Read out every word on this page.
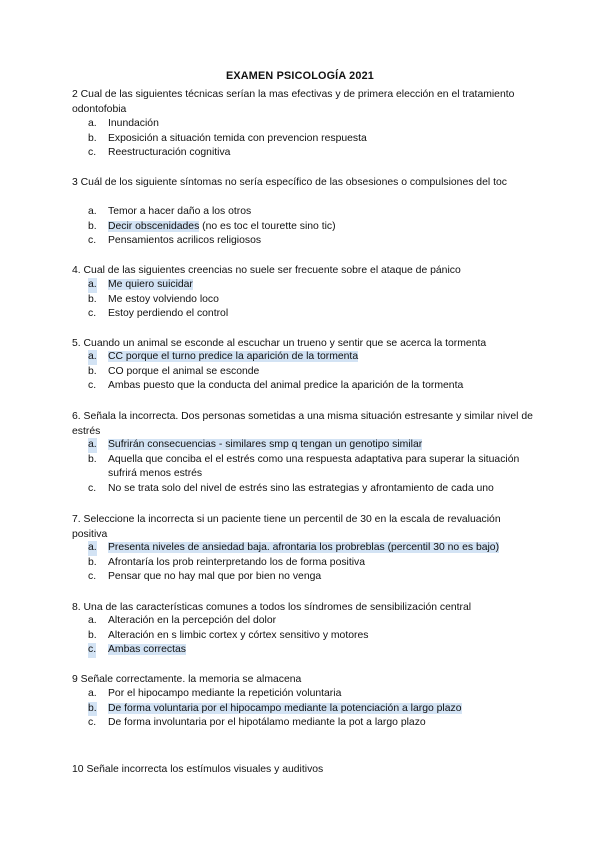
EXAMEN PSICOLOGÍA 2021
2 Cual de las siguientes técnicas serían la mas efectivas y de primera elección en el tratamiento odontofobia
a. Inundación
b. Exposición a situación temida con prevencion respuesta
c. Reestructuración cognitiva
3 Cuál de los siguiente síntomas no sería específico de las obsesiones o compulsiones del toc
a. Temor a hacer daño a los otros
b. Decir obscenidades (no es toc el tourette sino tic)
c. Pensamientos acrilicos religiosos
4. Cual de las siguientes creencias no suele ser frecuente sobre el ataque de pánico
a. Me quiero suicidar
b. Me estoy volviendo loco
c. Estoy perdiendo el control
5. Cuando un animal se esconde al escuchar un trueno y sentir que se acerca la tormenta
a. CC porque el turno predice la aparición de la tormenta
b. CO porque el animal se esconde
c. Ambas puesto que la conducta del animal predice la aparición de la tormenta
6. Señala la incorrecta. Dos personas sometidas a una misma situación estresante y similar nivel de estrés
a. Sufrirán consecuencias - similares smp q tengan un genotipo similar
b. Aquella que conciba el el estrés como una respuesta adaptativa para superar la situación sufrirá menos estrés
c. No se trata solo del nivel de estrés sino las estrategias y afrontamiento de cada uno
7. Seleccione la incorrecta si un paciente tiene un percentil de 30 en la escala de revaluación positiva
a. Presenta niveles de ansiedad baja. afrontaria los probreblas (percentil 30 no es bajo)
b. Afrontaría los prob reinterpretando los de forma positiva
c. Pensar que no hay mal que por bien no venga
8. Una de las características comunes a todos los síndromes de sensibilización central
a. Alteración en la percepción del dolor
b. Alteración en s limbic cortex y córtex sensitivo y motores
c. Ambas correctas
9 Señale correctamente. la memoria se almacena
a. Por el hipocampo mediante la repetición voluntaria
b. De forma voluntaria por el hipocampo mediante la potenciación a largo plazo
c. De forma involuntaria por el hipotálamo mediante la pot a largo plazo
10 Señale incorrecta los estímulos visuales y auditivos
